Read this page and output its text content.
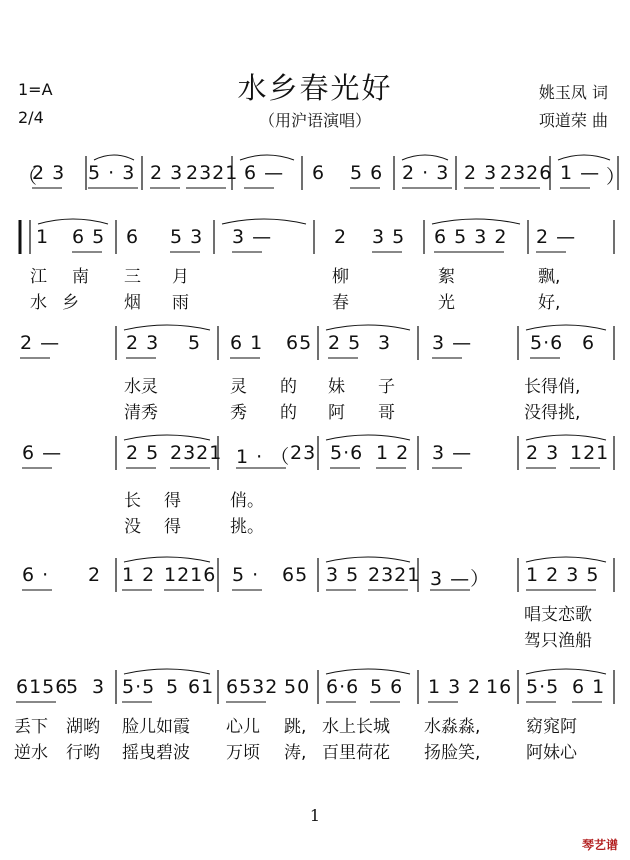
水乡春光好
（用沪语演唱）
1=A
2/4
姚玉凤 词
项道荣 曲
（
2 3 5 · 3 2 3 2321 6 — 6 5 6 2 · 3 2 3 2326 1 — ）
1 6 5 6 5 3 3 —	2 3 5 6 5 3 2 2 —
江 南 三 月	柳	絮	飘,
水 乡	烟 雨	春	光	好,
2 —	2 3 5 6 1 65 2 5 3 3 —	5·6 6
水灵	灵 的 妹 子	长得俏,
清秀	秀 的 阿 哥	没得挑,
6 —	2 5 2321 1 · （ 23 5·6 1 2 3 —	2 3 121
长 得	俏。
没 得	挑。
6 · 2 1 2 1216 5 · 65 3 5 2321 3 —） 1 2 3 5
唱支恋歌
驾只渔船
6156
5 3 5·5 5 61 6532 50 6·6 5 6 1 3 2 16 5·5 6 1
丢下 湖哟 脸儿如霞 心儿 跳, 水上长城 水淼淼,	窈窕阿
逆水 行哟 摇曳碧波 万顷 涛, 百里荷花 扬脸笑,	阿妹心
1
琴艺谱
